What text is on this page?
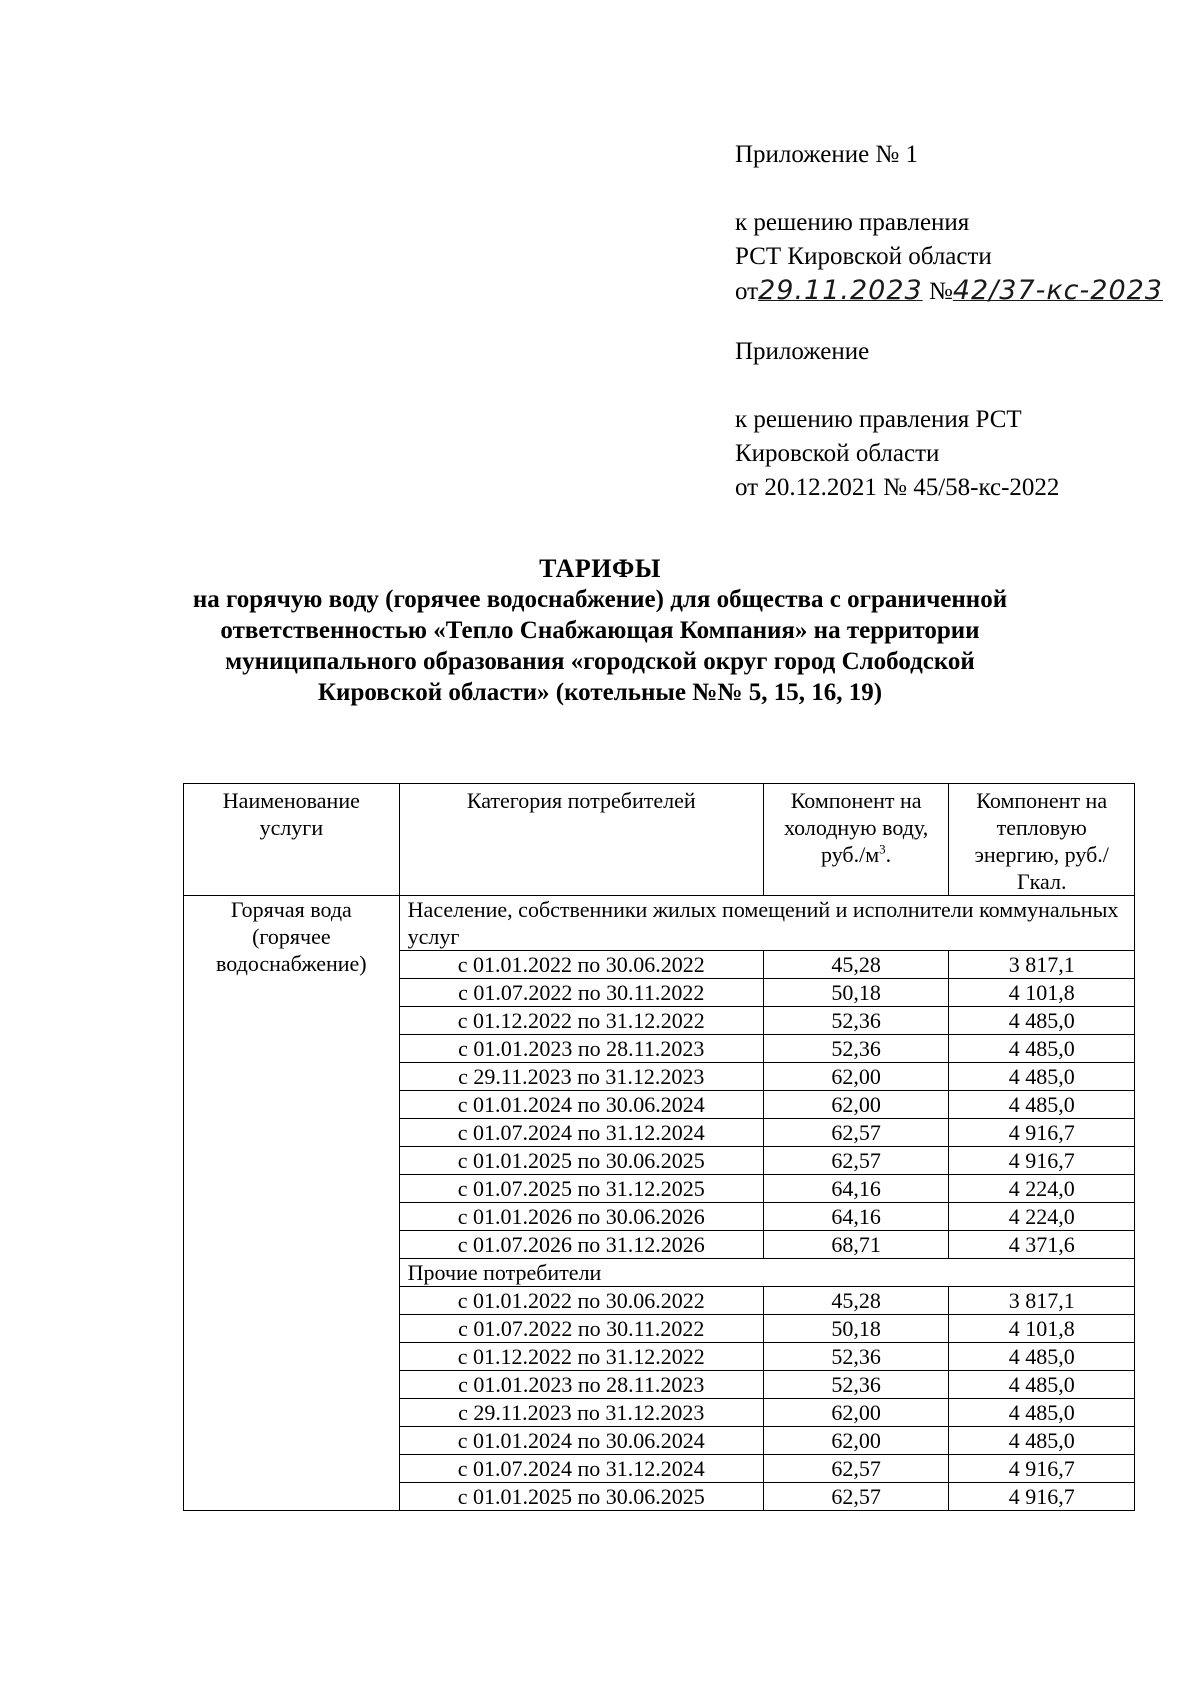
Приложение № 1

к решению правления

РСТ Кировской области

от29.11.2023 №42/37-кс-2023

Приложение

к решению правления РСТ

Кировской области

от 20.12.2021 № 45/58-кс-2022

ТАРИФЫ

на горячую воду (горячее водоснабжение) для общества с ограниченной

ответственностью «Тепло Снабжающая Компания» на территории

муниципального образования «городской округ город Слободской

Кировской области» (котельные №№ 5, 15, 16, 19)

Наименование услуги	Категория потребителей	Компонент на холодную воду, $руб./м^3$.	Компонент на тепловую энергию, руб./Гкал.
Горячая вода (горячее водоснабжение)	Население, собственники жилых помещений и исполнители коммунальных услуг		
	с 01.01.2022 по 30.06.2022	45,28	3 817,1
	с 01.07.2022 по 30.11.2022	50,18	4 101,8
	с 01.12.2022 по 31.12.2022	52,36	4 485,0
	с 01.01.2023 по 28.11.2023	52,36	4 485,0
	с 29.11.2023 по 31.12.2023	62,00	4 485,0
	с 01.01.2024 по 30.06.2024	62,00	4 485,0
	с 01.07.2024 по 31.12.2024	62,57	4 916,7
	с 01.01.2025 по 30.06.2025	62,57	4 916,7
	с 01.07.2025 по 31.12.2025	64,16	4 224,0
	с 01.01.2026 по 30.06.2026	64,16	4 224,0
	с 01.07.2026 по 31.12.2026	68,71	4 371,6
	Прочие потребители		
	с 01.01.2022 по 30.06.2022	45,28	3 817,1
	с 01.07.2022 по 30.11.2022	50,18	4 101,8
	с 01.12.2022 по 31.12.2022	52,36	4 485,0
	с 01.01.2023 по 28.11.2023	52,36	4 485,0
	с 29.11.2023 по 31.12.2023	62,00	4 485,0
	с 01.01.2024 по 30.06.2024	62,00	4 485,0
	с 01.07.2024 по 31.12.2024	62,57	4 916,7
	с 01.01.2025 по 30.06.2025	62,57	4 916,7
